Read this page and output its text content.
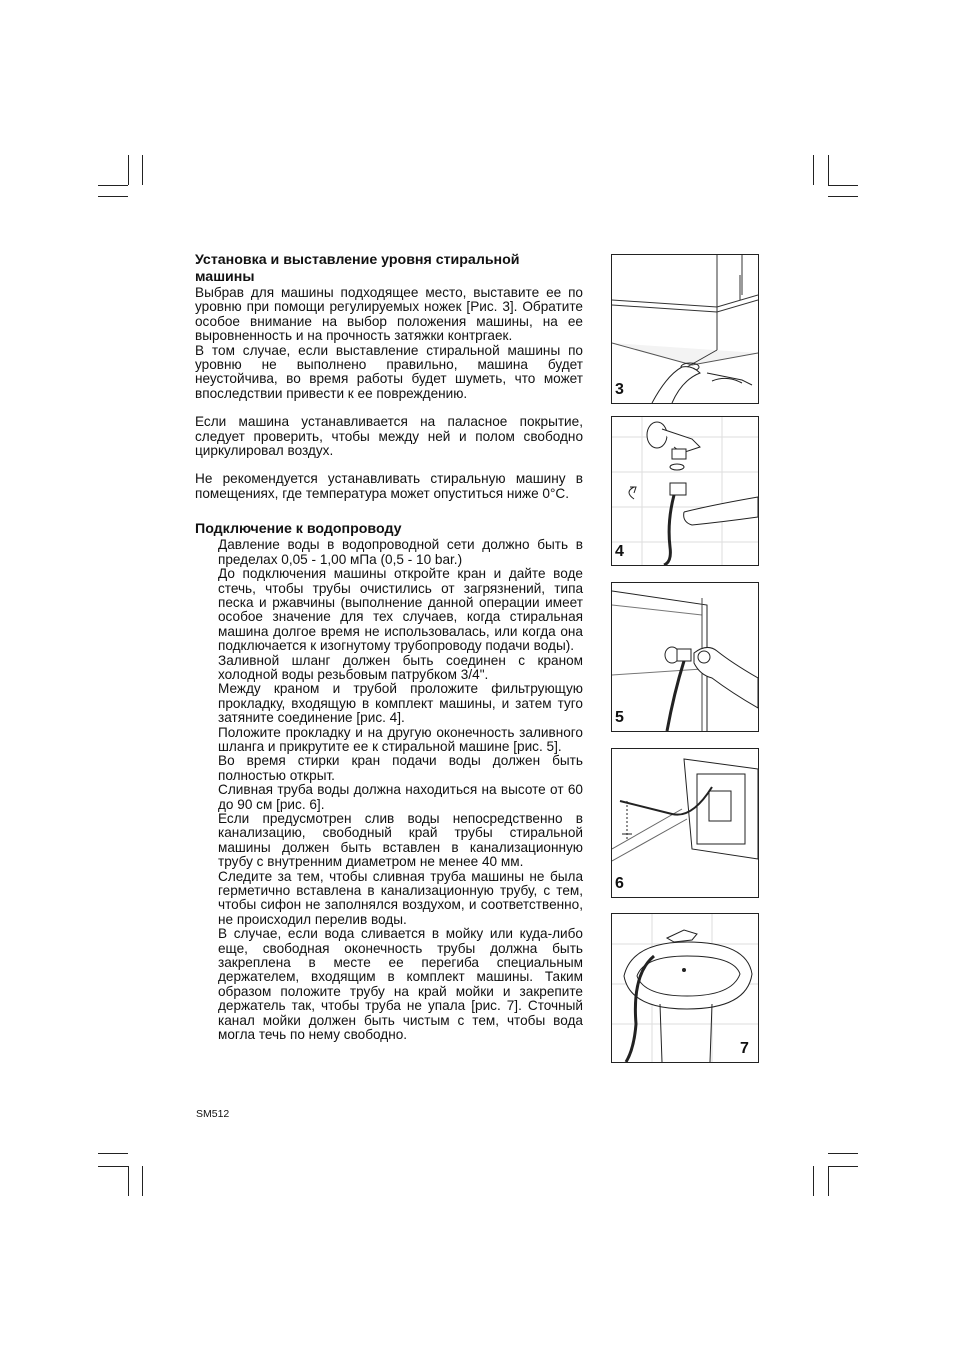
Установка и выставление уровня стиральной
машины

Выбрав для машины подходящее место, выставите ее по уровню при помощи регулируемых ножек [Рис. 3]. Обратите особое внимание на выбор положения машины, на ее выровненность и на прочность затяжки контргаек.

В том случае, если выставление стиральной машины по уровню не выполнено правильно, машина будет неустойчива, во время работы будет шуметь, что может впоследствии привести к ее повреждению.

Если машина устанавливается на паласное покрытие, следует проверить, чтобы между ней и полом свободно циркулировал воздух.

Не рекомендуется устанавливать стиральную машину в помещениях, где температура может опуститься ниже 0°C.

Подключение к водопроводу

Давление воды в водопроводной сети должно быть в пределах 0,05 - 1,00 мПа (0,5 - 10 bar.)

До подключения машины откройте кран и дайте воде стечь, чтобы трубы очистились от загрязнений, типа песка и ржавчины (выполнение данной операции имеет особое значение для тех случаев, когда стиральная машина долгое время не использовалась, или когда она подключается к изогнутому трубопроводу подачи воды).

Заливной шланг должен быть соединен с краном холодной воды резьбовым патрубком 3/4".

Между краном и трубой проложите фильтрующую прокладку, входящую в комплект машины, и затем туго затяните соединение [рис. 4].

Положите прокладку и на другую оконечность заливного шланга и прикрутите ее к стиральной машине [рис. 5].

Во время стирки кран подачи воды должен быть полностью открыт.

Сливная труба воды должна находиться на высоте от 60 до 90 см [рис. 6].

Если предусмотрен слив воды непосредственно в канализацию, свободный край трубы стиральной машины должен быть вставлен в канализационную трубу с внутренним диаметром не менее 40 мм.

Следите за тем, чтобы сливная труба машины не была герметично вставлена в канализационную трубу, с тем, чтобы сифон не заполнялся воздухом, и соответственно, не происходил перелив воды.

В случае, если вода сливается в мойку или куда-либо еще, свободная оконечность трубы должна быть закреплена в месте ее перегиба специальным держателем, входящим в комплект машины. Таким образом положите трубу на край мойки и закрепите держатель так, чтобы труба не упала [рис. 7]. Сточный канал мойки должен быть чистым с тем, чтобы вода могла течь по нему свободно.

3
4
5
6
7
SM512
